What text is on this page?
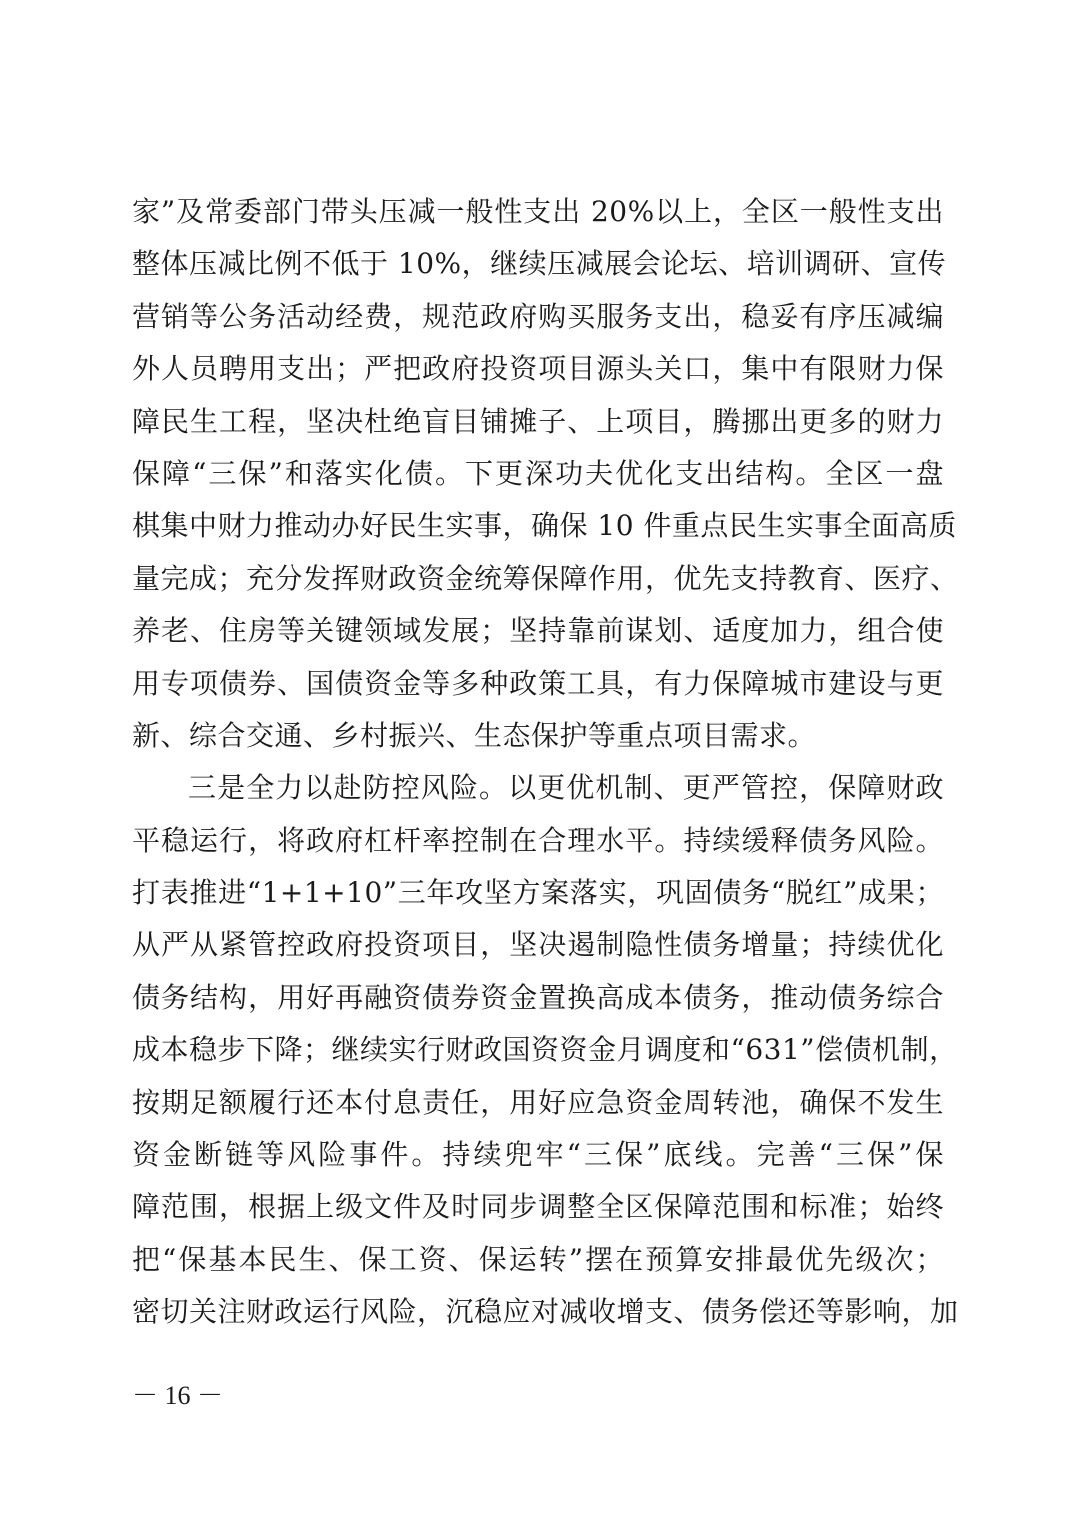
家”及常委部门带头压减一般性支出 20%以上，全区一般性支出
整体压减比例不低于 10%，继续压减展会论坛、培训调研、宣传
营销等公务活动经费，规范政府购买服务支出，稳妥有序压减编
外人员聘用支出；严把政府投资项目源头关口，集中有限财力保
障民生工程，坚决杜绝盲目铺摊子、上项目，腾挪出更多的财力
保障“三保”和落实化债。下更深功夫优化支出结构。全区一盘
棋集中财力推动办好民生实事，确保 10 件重点民生实事全面高质
量完成；充分发挥财政资金统筹保障作用，优先支持教育、医疗、
养老、住房等关键领域发展；坚持靠前谋划、适度加力，组合使
用专项债券、国债资金等多种政策工具，有力保障城市建设与更
新、综合交通、乡村振兴、生态保护等重点项目需求。
三是全力以赴防控风险。以更优机制、更严管控，保障财政
平稳运行，将政府杠杆率控制在合理水平。持续缓释债务风险。
打表推进“1+1+10”三年攻坚方案落实，巩固债务“脱红”成果；
从严从紧管控政府投资项目，坚决遏制隐性债务增量；持续优化
债务结构，用好再融资债券资金置换高成本债务，推动债务综合
成本稳步下降；继续实行财政国资资金月调度和“631”偿债机制，
按期足额履行还本付息责任，用好应急资金周转池，确保不发生
资金断链等风险事件。持续兜牢“三保”底线。完善“三保”保
障范围，根据上级文件及时同步调整全区保障范围和标准；始终
把“保基本民生、保工资、保运转”摆在预算安排最优先级次；
密切关注财政运行风险，沉稳应对减收增支、债务偿还等影响，加
－ 16 －
